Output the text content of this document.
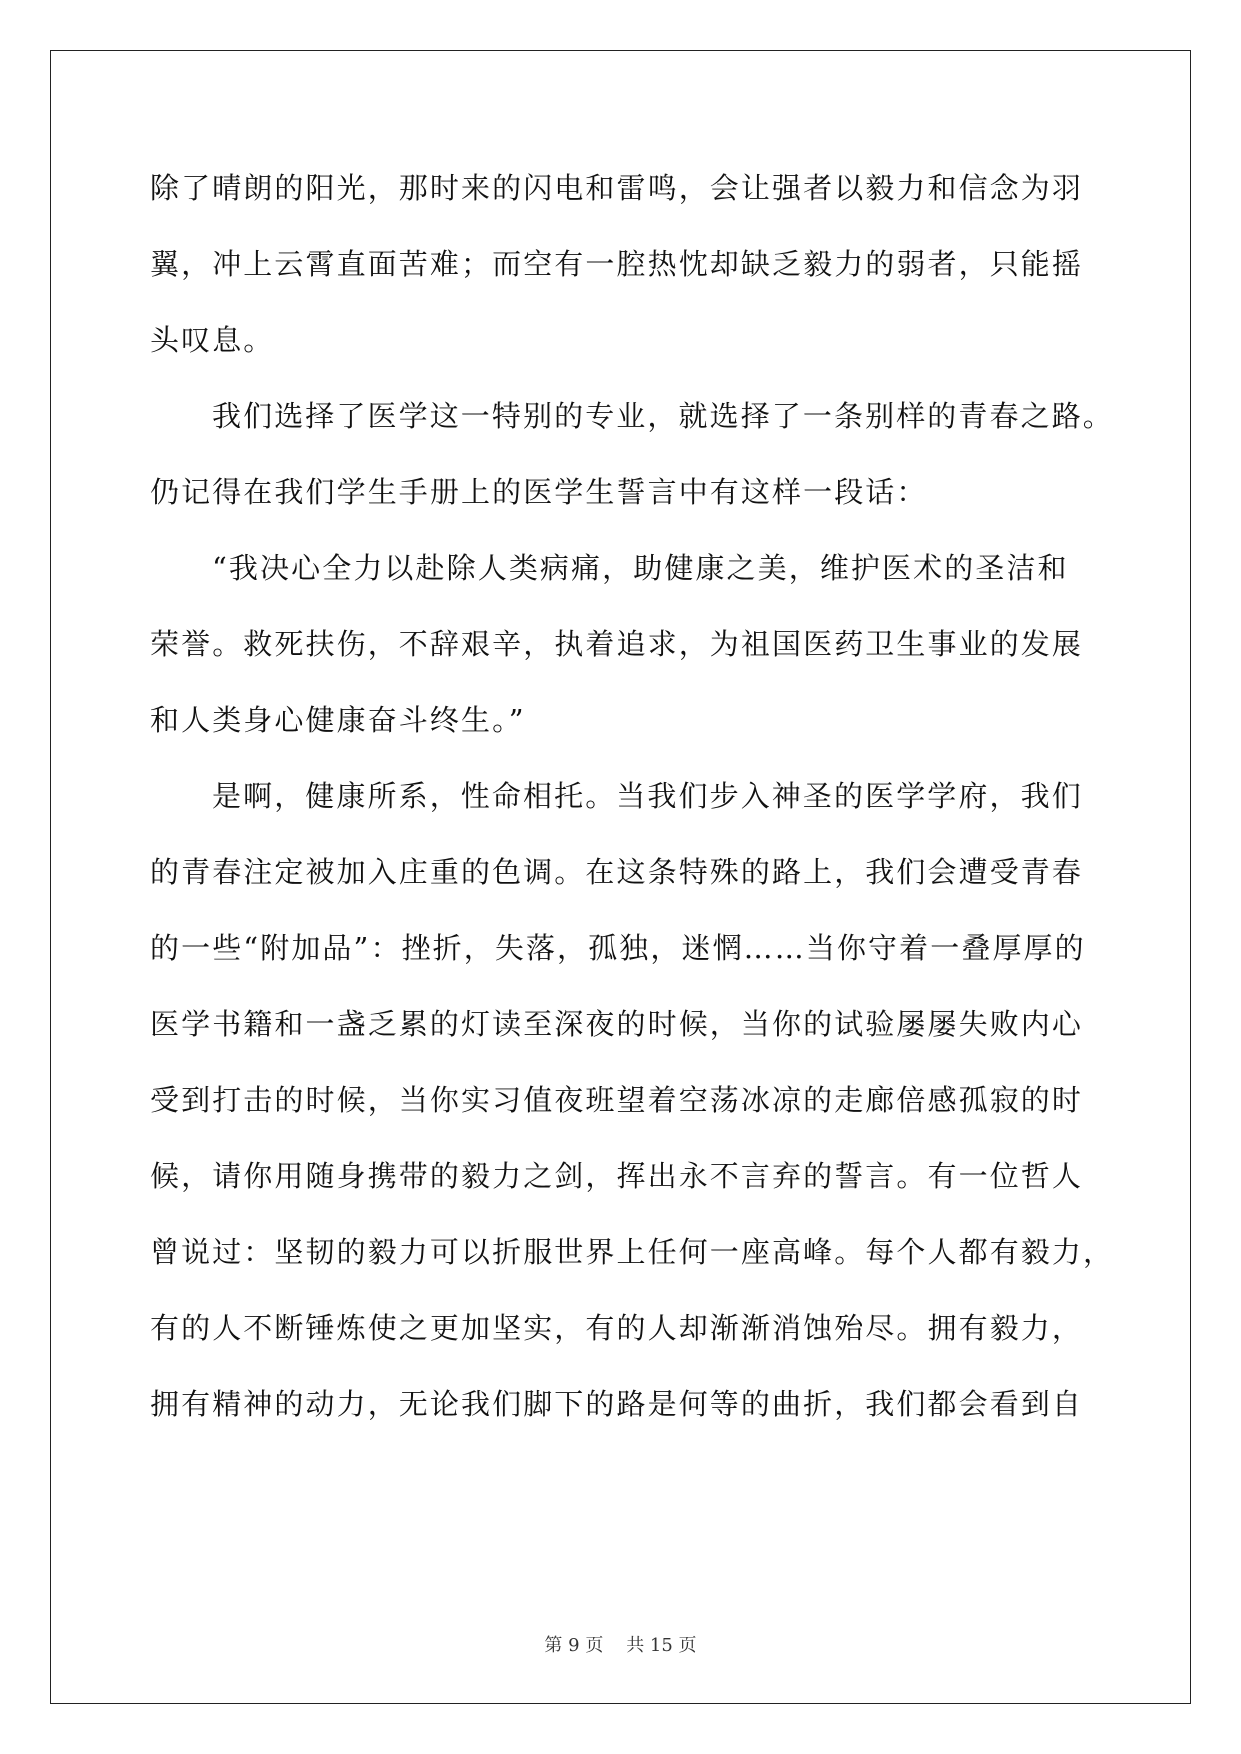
除了晴朗的阳光，那时来的闪电和雷鸣，会让强者以毅力和信念为羽
翼，冲上云霄直面苦难；而空有一腔热忱却缺乏毅力的弱者，只能摇
头叹息。
我们选择了医学这一特别的专业，就选择了一条别样的青春之路。
仍记得在我们学生手册上的医学生誓言中有这样一段话：
“我决心全力以赴除人类病痛，助健康之美，维护医术的圣洁和
荣誉。救死扶伤，不辞艰辛，执着追求，为祖国医药卫生事业的发展
和人类身心健康奋斗终生。”
是啊，健康所系，性命相托。当我们步入神圣的医学学府，我们
的青春注定被加入庄重的色调。在这条特殊的路上，我们会遭受青春
的一些“附加品”：挫折，失落，孤独，迷惘……当你守着一叠厚厚的
医学书籍和一盏乏累的灯读至深夜的时候，当你的试验屡屡失败内心
受到打击的时候，当你实习值夜班望着空荡冰凉的走廊倍感孤寂的时
候，请你用随身携带的毅力之剑，挥出永不言弃的誓言。有一位哲人
曾说过：坚韧的毅力可以折服世界上任何一座高峰。每个人都有毅力，
有的人不断锤炼使之更加坚实，有的人却渐渐消蚀殆尽。拥有毅力，
拥有精神的动力，无论我们脚下的路是何等的曲折，我们都会看到自
第 9 页    共 15 页
